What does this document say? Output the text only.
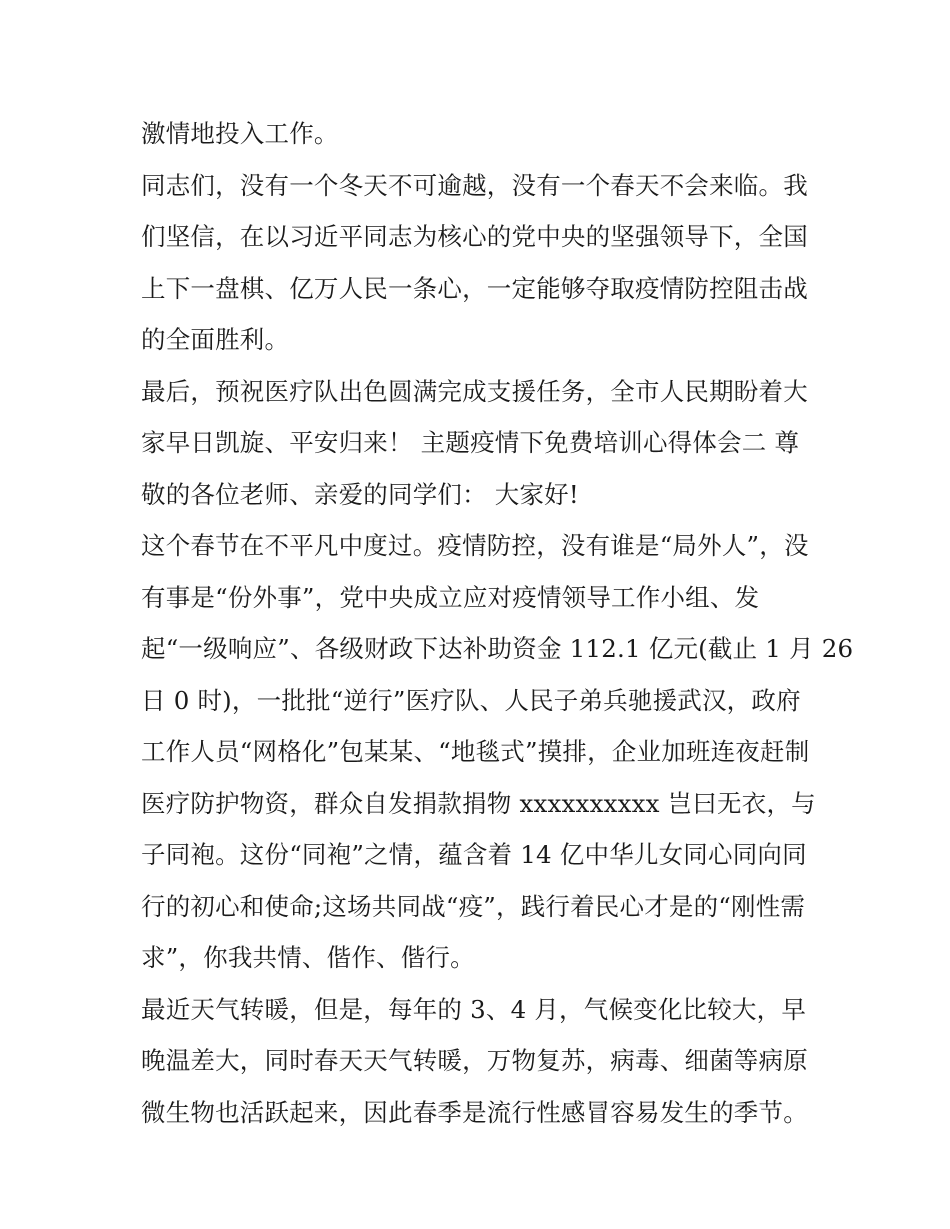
激情地投入工作。
同志们，没有一个冬天不可逾越，没有一个春天不会来临。我
们坚信，在以习近平同志为核心的党中央的坚强领导下，全国
上下一盘棋、亿万人民一条心，一定能够夺取疫情防控阻击战
的全面胜利。
最后，预祝医疗队出色圆满完成支援任务，全市人民期盼着大
家早日凯旋、平安归来！ 主题疫情下免费培训心得体会二 尊
敬的各位老师、亲爱的同学们： 大家好!
这个春节在不平凡中度过。疫情防控，没有谁是“局外人”，没
有事是“份外事”，党中央成立应对疫情领导工作小组、发
起“一级响应”、各级财政下达补助资金 112.1 亿元(截止 1 月 26
日 0 时)，一批批“逆行”医疗队、人民子弟兵驰援武汉，政府
工作人员“网格化”包某某、“地毯式”摸排，企业加班连夜赶制
医疗防护物资，群众自发捐款捐物 xxxxxxxxxx 岂曰无衣，与
子同袍。这份“同袍”之情，蕴含着 14 亿中华儿女同心同向同
行的初心和使命;这场共同战“疫”，践行着民心才是的“刚性需
求”，你我共情、偕作、偕行。
最近天气转暖，但是，每年的 3、4 月，气候变化比较大，早
晚温差大，同时春天天气转暖，万物复苏，病毒、细菌等病原
微生物也活跃起来，因此春季是流行性感冒容易发生的季节。
